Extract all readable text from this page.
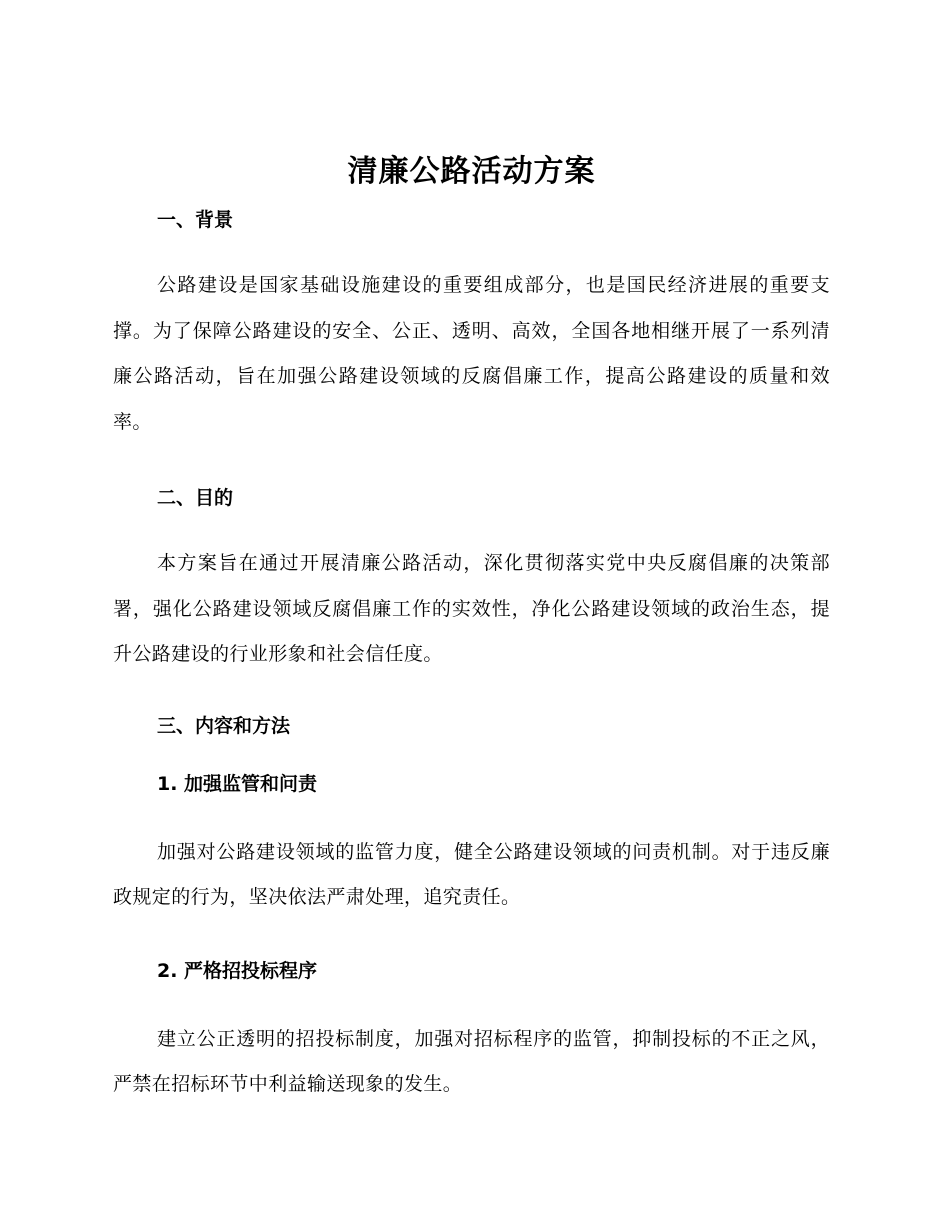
清廉公路活动方案
一、背景

公路建设是国家基础设施建设的重要组成部分，也是国民经济进展的重要支撑。为了保障公路建设的安全、公正、透明、高效，全国各地相继开展了一系列清廉公路活动，旨在加强公路建设领域的反腐倡廉工作，提高公路建设的质量和效率。

二、目的

本方案旨在通过开展清廉公路活动，深化贯彻落实党中央反腐倡廉的决策部署，强化公路建设领域反腐倡廉工作的实效性，净化公路建设领域的政治生态，提升公路建设的行业形象和社会信任度。

三、内容和方法
1. 加强监管和问责

加强对公路建设领域的监管力度，健全公路建设领域的问责机制。对于违反廉政规定的行为，坚决依法严肃处理，追究责任。

2. 严格招投标程序

建立公正透明的招投标制度，加强对招标程序的监管，抑制投标的不正之风，严禁在招标环节中利益输送现象的发生。
